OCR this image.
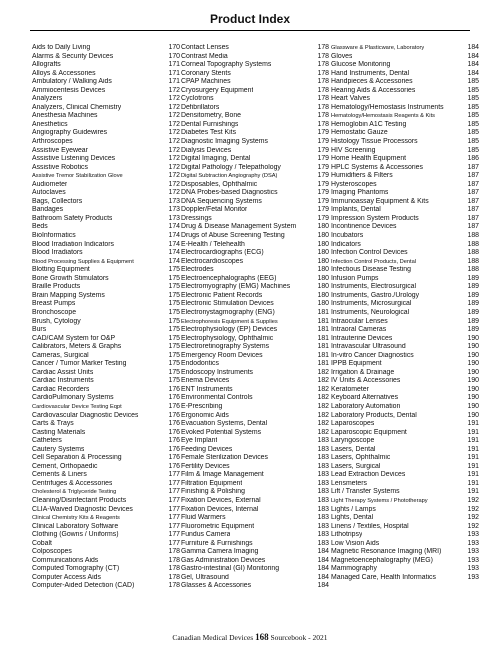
Product Index
Aids to Daily Living	170
Alarms & Security Devices	170
Allografts	171
Alloys & Accessories	171
Ambulatory / Walking Aids	171
Ammiocentesis Devices	172
Analyzers	172
Analyzers, Clinical Chemistry	172
Anesthesia Machines	172
Anesthetics	172
Angiography Guidewires	172
Arthroscopes	172
Assistive Eyewear	172
Assistive Listening Devices	172
Assistive Robotics	172
Assistive Tremor Stabilization Glove	172
Audiometer	172
Autoclaves	172
Bags, Collectors	173
Bandages	173
Bathroom Safety Products	173
Beds	174
BioInformatics	174
Blood Irradiation Indicators	174
Blood Irradiators	174
Blood Processing Supplies & Equipment	174
Blotting Equipment	175
Bone Growth Stimulators	175
Braille Products	175
Brain Mapping Systems	175
Breast Pumps	175
Bronchoscope	175
Brush, Cytology	175
Burs	175
CAD/CAM System for O&P	175
Calibrators, Meters & Graphs	175
Cameras, Surgical	175
Cancer / Tumor Marker Testing	175
Cardiac Assist Units	175
Cardiac Instruments	175
Cardiac Recorders	176
CardioPulmonary Systems	176
Cardiovascular Device Testing Eqpt	176
Cardiovascular Diagnostic Devices	176
Carts & Trays	176
Casting Materials	176
Catheters	176
Cautery Systems	176
Cell Separation & Processing	176
Cement, Orthopaedic	176
Cements & Liners	177
Centrifuges & Accessories	177
Cholesterol & Triglyceride Testing	177
Cleaning/Disinfectant Products	177
CLIA-Waived Diagnostic Devices	177
Clinical Chemistry Kits & Reagents	177
Clinical Laboratory Software	177
Clothing (Gowns / Uniforms)	177
Cobalt	177
Colposcopes	178
Communications Aids	178
Computed Tomography (CT)	178
Computer Access Aids	178
Computer-Aided Detection (CAD)	178
Contact Lenses	178
Contrast Media	178
Corneal Topography Systems	178
Coronary Stents	178
CPAP Machines	178
Cryosurgery Equipment	178
Cyclotrons	178
Defibrillators	178
Densitometry, Bone	178
Dental Furnishings	178
Diabetes Test Kits	179
Diagnostic Imaging Systems	179
Dialysis Devices	179
Digital Imaging, Dental	179
Digital Pathology / Telepathology	179
Digital Subtraction Angiography (DSA)	179
Disposables, Ophthalmic	179
DNA Probes-based Diagnostics	179
DNA Sequencing Systems	179
Doppler/Fetal Monitor	179
Dressings	179
Drug & Disease Management System	180
Drugs of Abuse Screening Testing	180
E-Health / Telehealth	180
Electrocardiographs (ECG)	180
Electrocardioscopes	180
Electrodes	180
Electroencephalographs (EEG)	180
Electromyography (EMG) Machines	180
Electronic Patient Records	180
Electronic Stimulation Devices	180
Electronystagmography (ENG)	181
Electrophoresis Equipment & Supplies	181
Electrophysiology (EP) Devices	181
Electrophysiology, Ophthalmic	181
Electroretinography Systems	181
Emergency Room Devices	181
Endodontics	181
Endoscopy Instruments	182
Enema Devices	182
ENT Instruments	182
Environmental Controls	182
E-Prescribing	182
Ergonomic Aids	182
Evacuation Systems, Dental	182
Evoked Potential Systems	182
Eye Implant	183
Feeding Devices	183
Female Sterilization Devices	183
Fertility Devices	183
Film & Image Management	183
Filtration Equipment	183
Finishing & Polishing	183
Fixation Devices, External	183
Fixation Devices, Internal	183
Fluid Warmers	183
Fluorometric Equipment	183
Fundus Camera	183
Furniture & Furnishings	183
Gamma Camera Imaging	184
Gas Administration Devices	184
Gastro-intestinal (GI) Monitoring	184
Gel, Ultrasound	184
Glasses & Accessories	184
Glassware & Plasticware, Laboratory	184
Gloves	184
Glucose Monitoring	184
Hand Instruments, Dental	184
Handpieces & Accessories	185
Hearing Aids & Accessories	185
Heart Valves	185
Hematology/Hemostasis Instruments	185
Hematology/Hemostasis Reagents & Kits	185
Hemoglobin A1C Testing	185
Hemostatic Gauze	185
Histology Tissue Processors	185
HIV Screening	185
Home Health Equipment	186
HPLC Systems & Accessories	187
Humidifiers & Filters	187
Hysteroscopes	187
Imaging Phantoms	187
Immunoassay Equipment & Kits	187
Implants, Dental	187
Impression System Products	187
Incontinence Devices	187
Incubators	188
Indicators	188
Infection Control Devices	188
Infection Control Products, Dental	188
Infectious Disease Testing	188
Infusion Pumps	189
Instruments, Electrosurgical	189
Instruments, Gastro./Urology	189
Instruments, Microsurgical	189
Instruments, Neurological	189
Intraocular Lenses	189
Intraoral Cameras	189
Intrauterine Devices	190
Intravascular Ultrasound	190
In-vitro Cancer Diagnostics	190
IPPB Equipment	190
Irrigation & Drainage	190
IV Units & Accessories	190
Keratometer	190
Keyboard Alternatives	190
Laboratory Automation	190
Laboratory Products, Dental	190
Laparoscopes	191
Laparoscopic Equipment	191
Laryngoscope	191
Lasers, Dental	191
Lasers, Ophthalmic	191
Lasers, Surgical	191
Lead Extraction Devices	191
Lensmeters	191
Lift / Transfer Systems	191
Light Therapy Systems / Phototherapy	192
Lights / Lamps	192
Lights, Dental	192
Linens / Textiles, Hospital	192
Lithotripsy	193
Low Vision Aids	193
Magnetic Resonance Imaging (MRI)	193
Magnetoencephalography (MEG)	193
Mammography	193
Managed Care, Health Informatics	193
Canadian Medical Devices 168 Sourcebook - 2021
